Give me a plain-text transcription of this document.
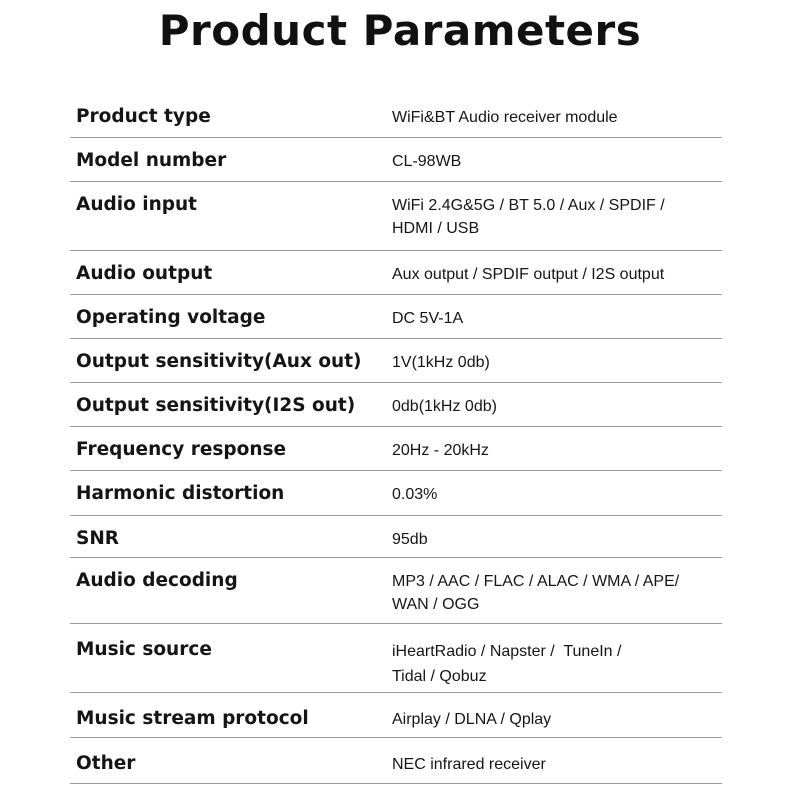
Product Parameters
Product type	WiFi&BT Audio receiver module
Model number	CL-98WB
Audio input	WiFi 2.4G&5G / BT 5.0 / Aux / SPDIF /
HDMI / USB
Audio output	Aux output / SPDIF output / I2S output
Operating voltage	DC 5V-1A
Output sensitivity(Aux out)	1V(1kHz 0db)
Output sensitivity(I2S out)	0db(1kHz 0db)
Frequency response	20Hz - 20kHz
Harmonic distortion	0.03%
SNR	95db
Audio decoding	MP3 / AAC / FLAC / ALAC / WMA / APE/
WAN / OGG
Music source	iHeartRadio / Napster /  TuneIn /
Tidal / Qobuz
Music stream protocol	Airplay / DLNA / Qplay
Other	NEC infrared receiver
